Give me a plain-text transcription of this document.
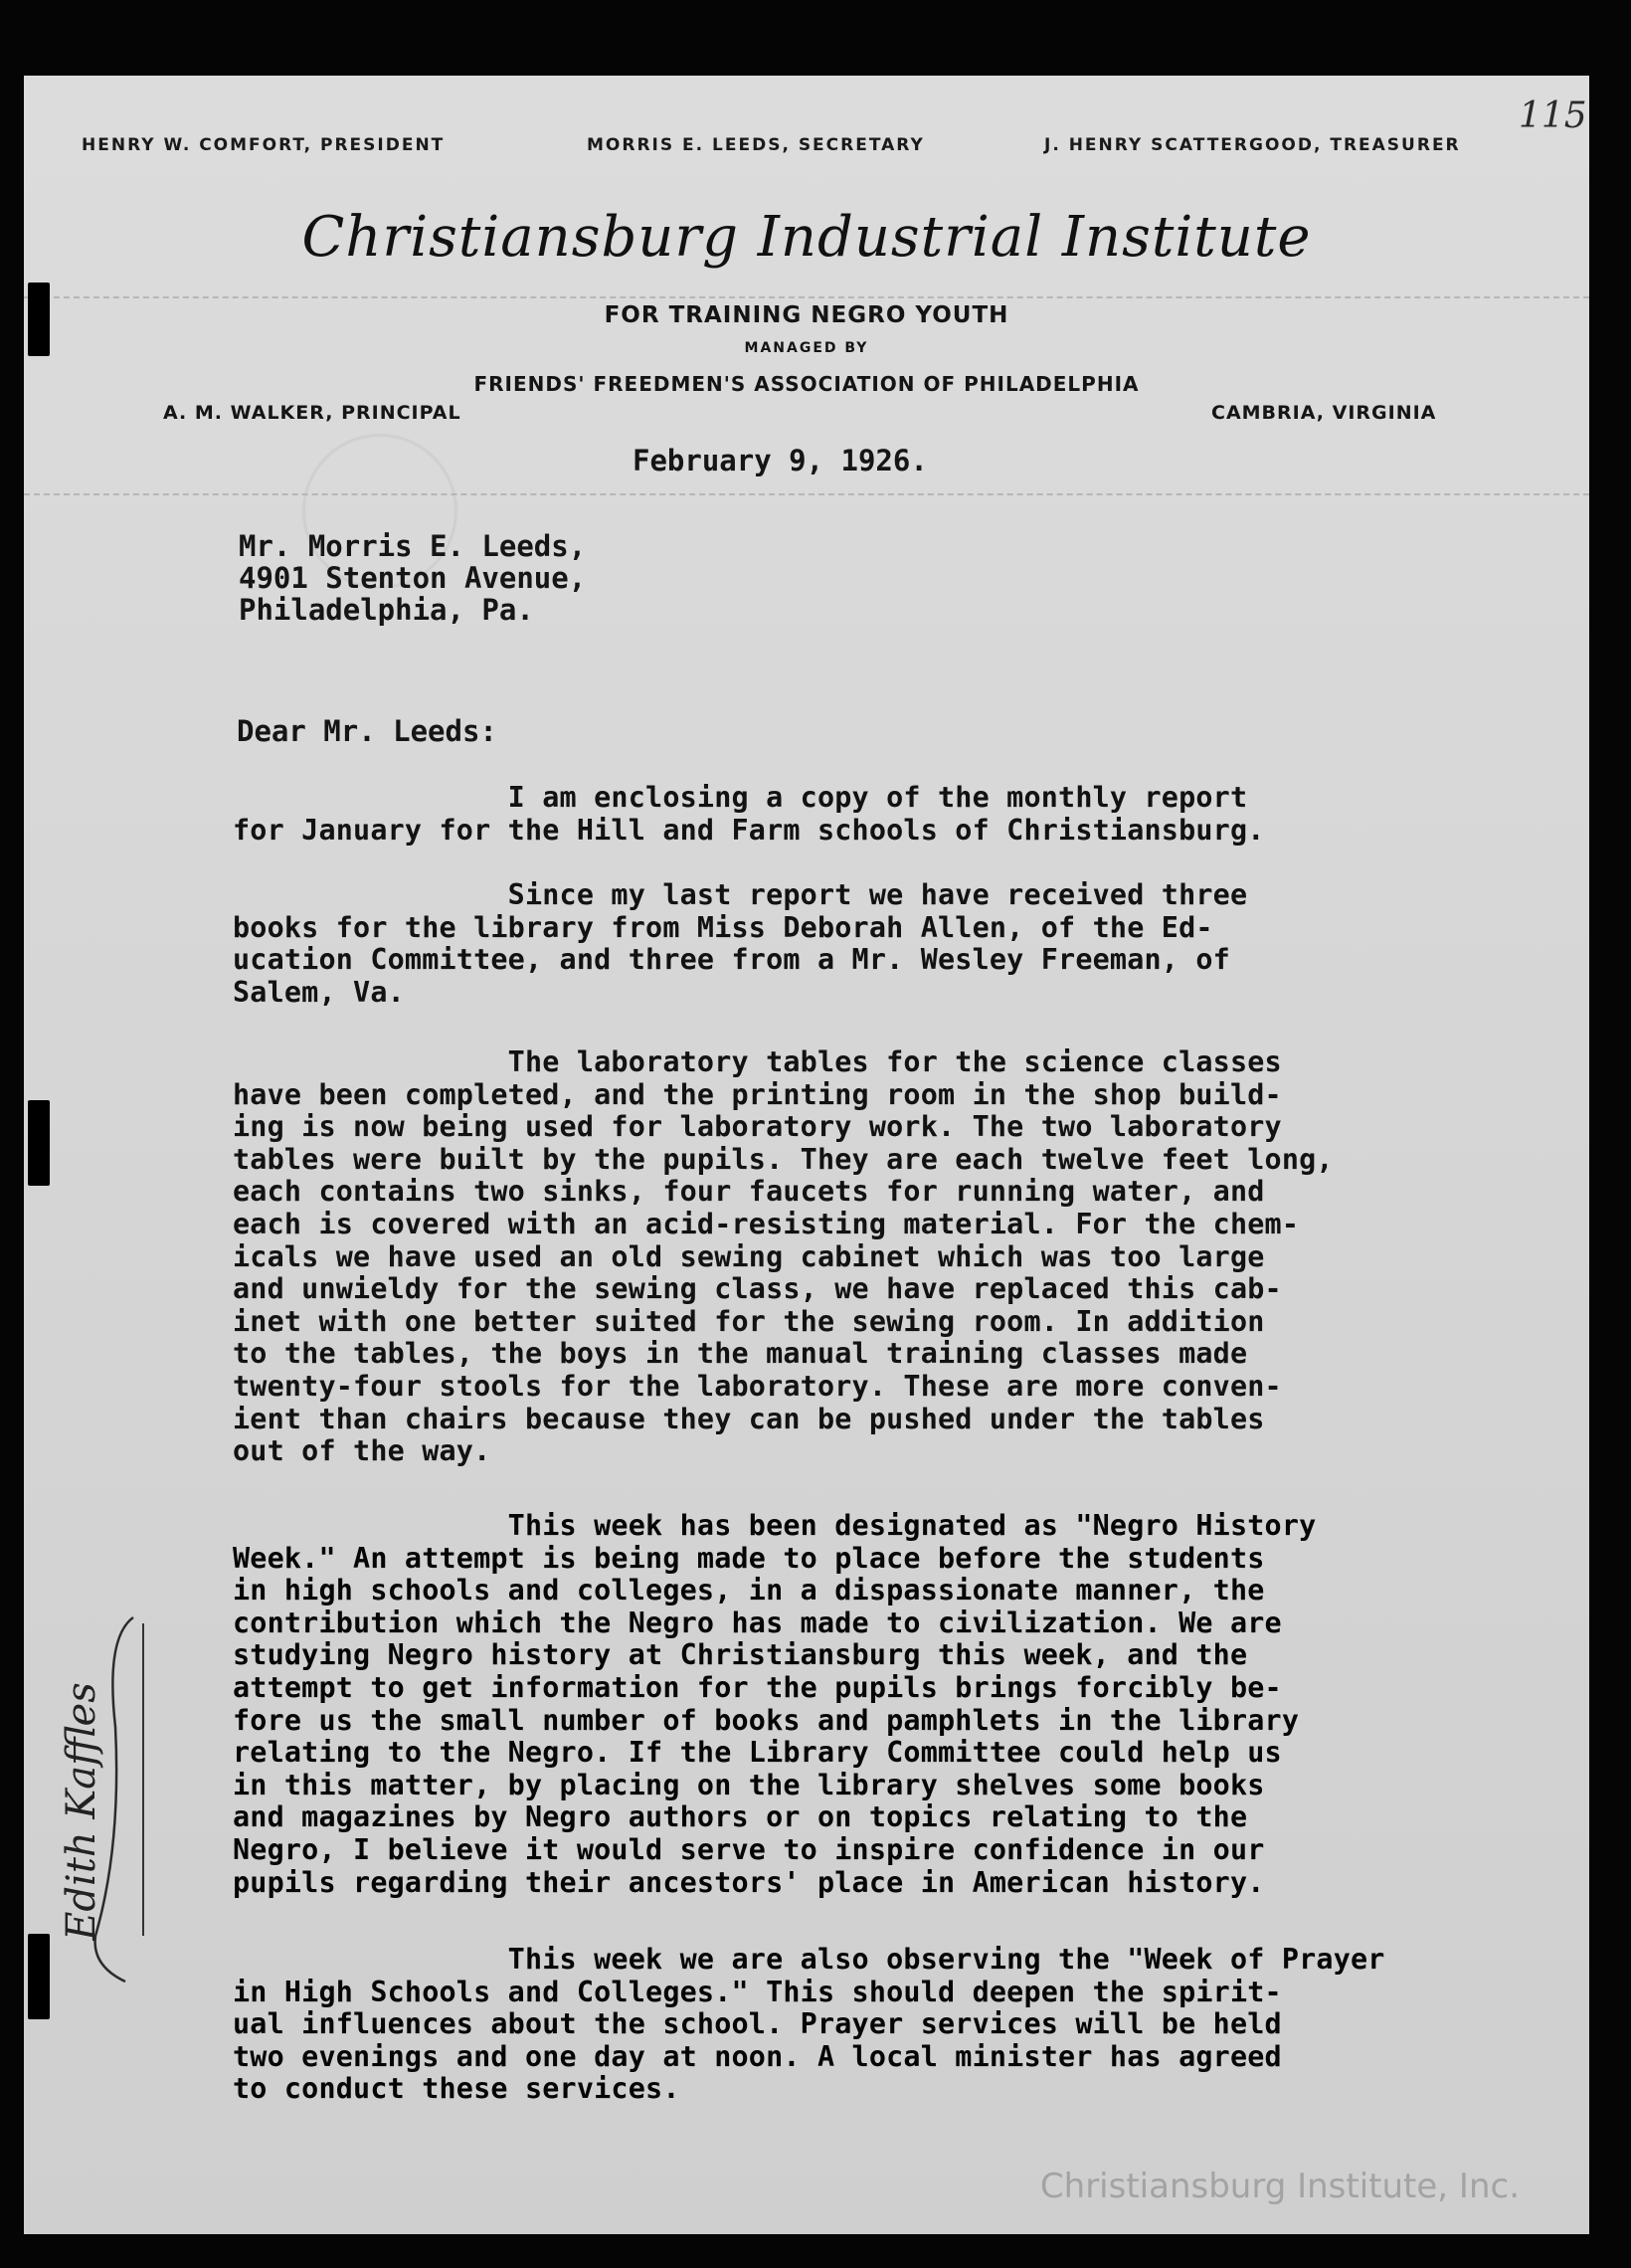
115
HENRY W. COMFORT, PRESIDENT	MORRIS E. LEEDS, SECRETARY	J. HENRY SCATTERGOOD, TREASURER
Christiansburg Industrial Institute
FOR TRAINING NEGRO YOUTH
MANAGED BY
FRIENDS' FREEDMEN'S ASSOCIATION OF PHILADELPHIA
A. M. WALKER, PRINCIPAL	CAMBRIA, VIRGINIA
February 9, 1926.
Mr. Morris E. Leeds,
4901 Stenton Avenue,
Philadelphia, Pa.
Dear Mr. Leeds:
I am enclosing a copy of the monthly report
for January for the Hill and Farm schools of Christiansburg.
Since my last report we have received three
books for the library from Miss Deborah Allen, of the Ed-
ucation Committee, and three from a Mr. Wesley Freeman, of
Salem, Va.
The laboratory tables for the science classes
have been completed, and the printing room in the shop build-
ing is now being used for laboratory work. The two laboratory
tables were built by the pupils. They are each twelve feet long,
each contains two sinks, four faucets for running water, and
each is covered with an acid-resisting material. For the chem-
icals we have used an old sewing cabinet which was too large
and unwieldy for the sewing class, we have replaced this cab-
inet with one better suited for the sewing room. In addition
to the tables, the boys in the manual training classes made
twenty-four stools for the laboratory. These are more conven-
ient than chairs because they can be pushed under the tables
out of the way.
This week has been designated as "Negro History
Week." An attempt is being made to place before the students
in high schools and colleges, in a dispassionate manner, the
contribution which the Negro has made to civilization. We are
studying Negro history at Christiansburg this week, and the
attempt to get information for the pupils brings forcibly be-
fore us the small number of books and pamphlets in the library
relating to the Negro. If the Library Committee could help us
in this matter, by placing on the library shelves some books
and magazines by Negro authors or on topics relating to the
Negro, I believe it would serve to inspire confidence in our
pupils regarding their ancestors' place in American history.
This week we are also observing the "Week of Prayer
in High Schools and Colleges." This should deepen the spirit-
ual influences about the school. Prayer services will be held
two evenings and one day at noon. A local minister has agreed
to conduct these services.
Edith Kaffles
Christiansburg Institute, Inc.
